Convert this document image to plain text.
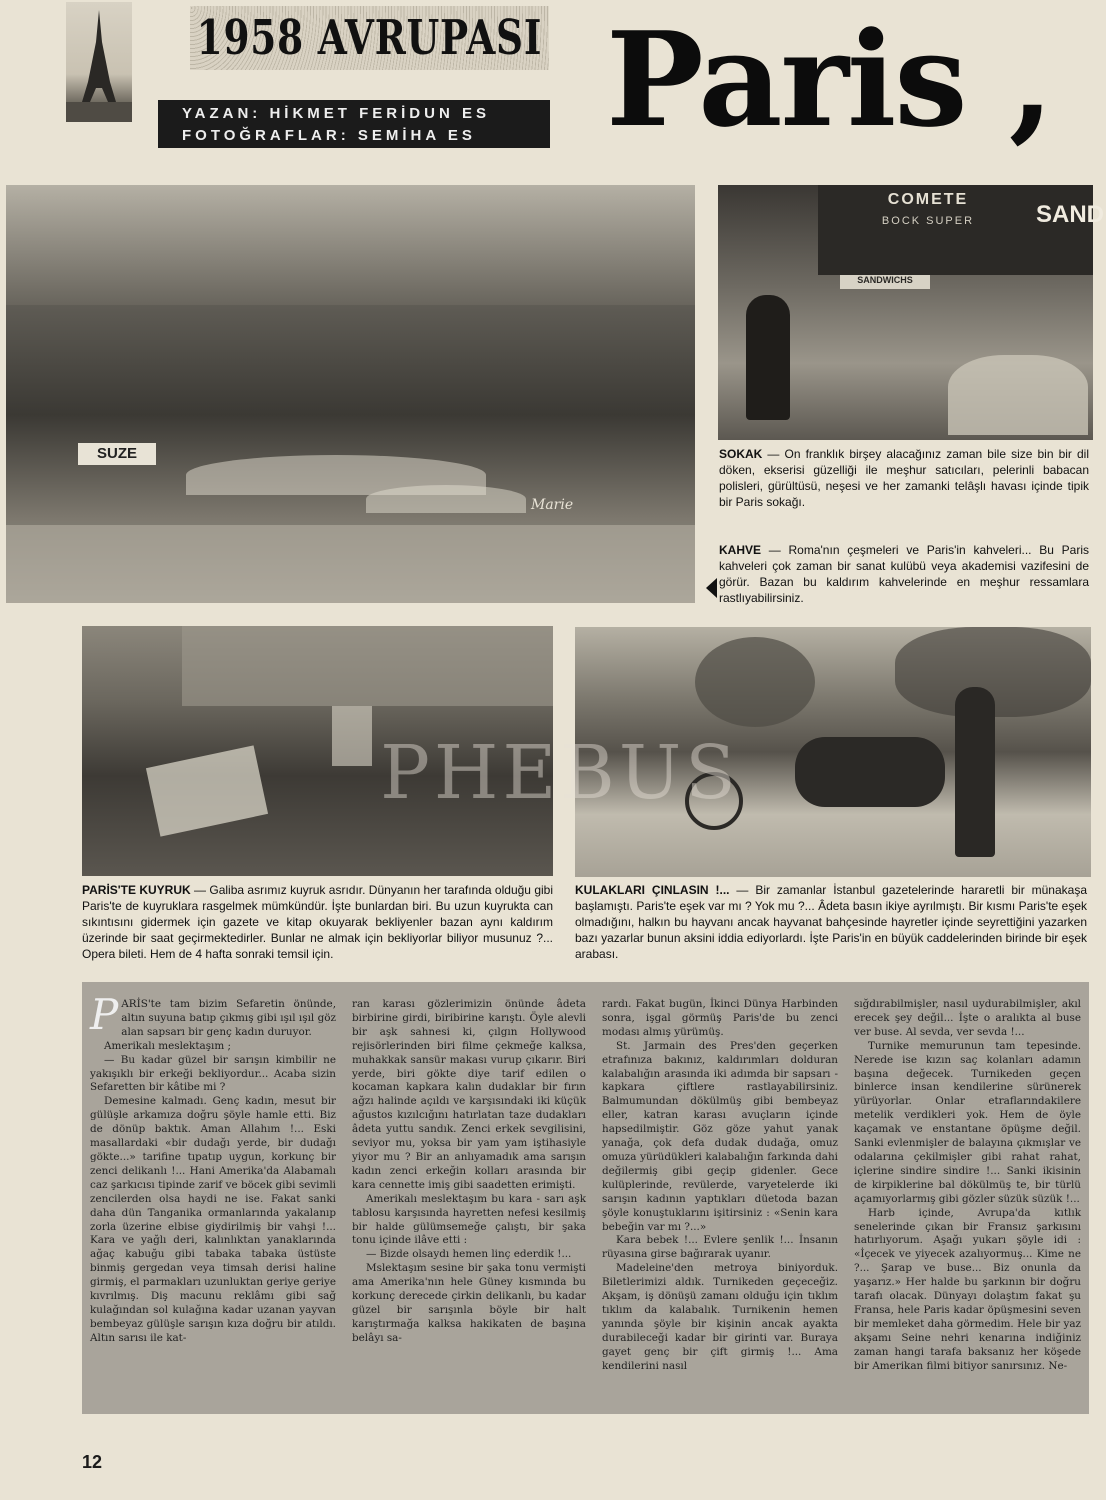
1958 AVRUPASI
YAZAN: HİKMET FERİDUN ES
FOTOĞRAFLAR: SEMİHA ES	Paris ,
SUZE
Marie
COMETE
BOCK SUPER	SAND
SANDWICHS
SOKAK — On franklık birşey alacağınız zaman bile size bin bir dil döken, ekserisi güzelliği ile meşhur satıcıları, pelerinli babacan polisleri, gürültüsü, neşesi ve her zamanki telâşlı havası içinde tipik bir Paris sokağı.
KAHVE — Roma'nın çeşmeleri ve Paris'in kahveleri... Bu Paris kahveleri çok zaman bir sanat kulübü veya akademisi vazifesini de görür. Bazan bu kaldırım kahvelerinde en meşhur ressamlara rastlıyabilirsiniz.
PHEBUS
PARİS'TE KUYRUK — Galiba asrımız kuyruk asrıdır. Dünyanın her tarafında olduğu gibi Paris'te de kuyruklara rasgelmek mümkündür. İşte bunlardan biri. Bu uzun kuyrukta can sıkıntısını gidermek için gazete ve kitap okuyarak bekliyenler bazan aynı kaldırım üzerinde bir saat geçirmektedirler. Bunlar ne almak için bekliyorlar biliyor musunuz ?... Opera bileti. Hem de 4 hafta sonraki temsil için.
KULAKLARI ÇINLASIN !... — Bir zamanlar İstanbul gazetelerinde hararetli bir münakaşa başlamıştı. Paris'te eşek var mı ? Yok mu ?... Âdeta basın ikiye ayrılmıştı. Bir kısmı Paris'te eşek olmadığını, halkın bu hayvanı ancak hayvanat bahçesinde hayretler içinde seyrettiğini yazarken bazı yazarlar bunun aksini iddia ediyorlardı. İşte Paris'in en büyük caddelerinden birinde bir eşek arabası.
P ARİS'te tam bizim Sefaretin önünde, altın suyuna batıp çıkmış gibi ışıl ışıl göz alan sapsarı bir genç kadın duruyor.

Amerikalı meslektaşım ;

— Bu kadar güzel bir sarışın kimbilir ne yakışıklı bir erkeği bekliyordur... Acaba sizin Sefaretten bir kâtibe mi ?

Demesine kalmadı. Genç kadın, mesut bir gülüşle arkamıza doğru şöyle hamle etti. Biz de dönüp baktık. Aman Allahım !... Eski masallardaki «bir dudağı yerde, bir dudağı gökte...» tarifine tıpatıp uygun, korkunç bir zenci delikanlı !... Hani Amerika'da Alabamalı caz şarkıcısı tipinde zarif ve böcek gibi sevimli zencilerden olsa haydi ne ise. Fakat sanki daha dün Tanganika ormanlarında yakalanıp zorla üzerine elbise giydirilmiş bir vahşi !... Kara ve yağlı deri, kalınlıktan yanaklarında ağaç kabuğu gibi tabaka tabaka üstüste binmiş gergedan veya timsah derisi haline girmiş, el parmakları uzunluktan geriye geriye kıvrılmış. Diş macunu reklâmı gibi sağ kulağından sol kulağına kadar uzanan yayvan bembeyaz gülüşle sarışın kıza doğru bir atıldı. Altın sarısı ile kat-

ran karası gözlerimizin önünde âdeta birbirine girdi, biribirine karıştı. Öyle alevli bir aşk sahnesi ki, çılgın Hollywood rejisörlerinden biri filme çekmeğe kalksa, muhakkak sansür makası vurup çıkarır. Biri yerde, biri gökte diye tarif edilen o kocaman kapkara kalın dudaklar bir fırın ağzı halinde açıldı ve karşısındaki iki küçük ağustos kızılcığını hatırlatan taze dudakları âdeta yuttu sandık. Zenci erkek sevgilisini, seviyor mu, yoksa bir yam yam iştihasiyle yiyor mu ? Bir an anlıyamadık ama sarışın kadın zenci erkeğin kolları arasında bir kara cennette imiş gibi saadetten erimişti.

Amerikalı meslektaşım bu kara - sarı aşk tablosu karşısında hayretten nefesi kesilmiş bir halde gülümsemeğe çalıştı, bir şaka tonu içinde ilâve etti :

— Bizde olsaydı hemen linç ederdik !...

Mslektaşım sesine bir şaka tonu vermişti ama Amerika'nın hele Güney kısmında bu korkunç derecede çirkin delikanlı, bu kadar güzel bir sarışınla böyle bir halt karıştırmağa kalksa hakikaten de başına belâyı sa-

rardı. Fakat bugün, İkinci Dünya Harbinden sonra, işgal görmüş Paris'de bu zenci modası almış yürümüş.

St. Jarmain des Pres'den geçerken etrafınıza bakınız, kaldırımları dolduran kalabalığın arasında iki adımda bir sapsarı - kapkara çiftlere rastlayabilirsiniz. Balmumundan dökülmüş gibi bembeyaz eller, katran karası avuçların içinde hapsedilmiştir. Göz göze yahut yanak yanağa, çok defa dudak dudağa, omuz omuza yürüdükleri kalabalığın farkında dahi değilermiş gibi geçip gidenler. Gece kulüplerinde, revülerde, varyetelerde iki sarışın kadının yaptıkları düetoda bazan şöyle konuştuklarını işitirsiniz : «Senin kara bebeğin var mı ?...»

Kara bebek !... Evlere şenlik !... İnsanın rüyasına girse bağırarak uyanır.

Madeleine'den metroya biniyorduk. Biletlerimizi aldık. Turnikeden geçeceğiz. Akşam, iş dönüşü zamanı olduğu için tıklım tıklım da kalabalık. Turnikenin hemen yanında şöyle bir kişinin ancak ayakta durabileceği kadar bir girinti var. Buraya gayet genç bir çift girmiş !... Ama kendilerini nasıl

sığdırabilmişler, nasıl uydurabilmişler, akıl erecek şey değil... İşte o aralıkta al buse ver buse. Al sevda, ver sevda !...

Turnike memurunun tam tepesinde. Nerede ise kızın saç kolanları adamın başına değecek. Turnikeden geçen binlerce insan kendilerine sürünerek yürüyorlar. Onlar etraflarındakilere metelik verdikleri yok. Hem de öyle kaçamak ve enstantane öpüşme değil. Sanki evlenmişler de balayına çıkmışlar ve odalarına çekilmişler gibi rahat rahat, içlerine sindire sindire !... Sanki ikisinin de kirpiklerine bal dökülmüş te, bir türlü açamıyorlarmış gibi gözler süzük süzük !...

Harb içinde, Avrupa'da kıtlık senelerinde çıkan bir Fransız şarkısını hatırlıyorum. Aşağı yukarı şöyle idi : «İçecek ve yiyecek azalıyormuş... Kime ne ?... Şarap ve buse... Biz onunla da yaşarız.» Her halde bu şarkının bir doğru tarafı olacak. Dünyayı dolaştım fakat şu Fransa, hele Paris kadar öpüşmesini seven bir memleket daha görmedim. Hele bir yaz akşamı Seine nehri kenarına indiğiniz zaman hangi tarafa baksanız her köşede bir Amerikan filmi bitiyor sanırsınız. Ne-

12
